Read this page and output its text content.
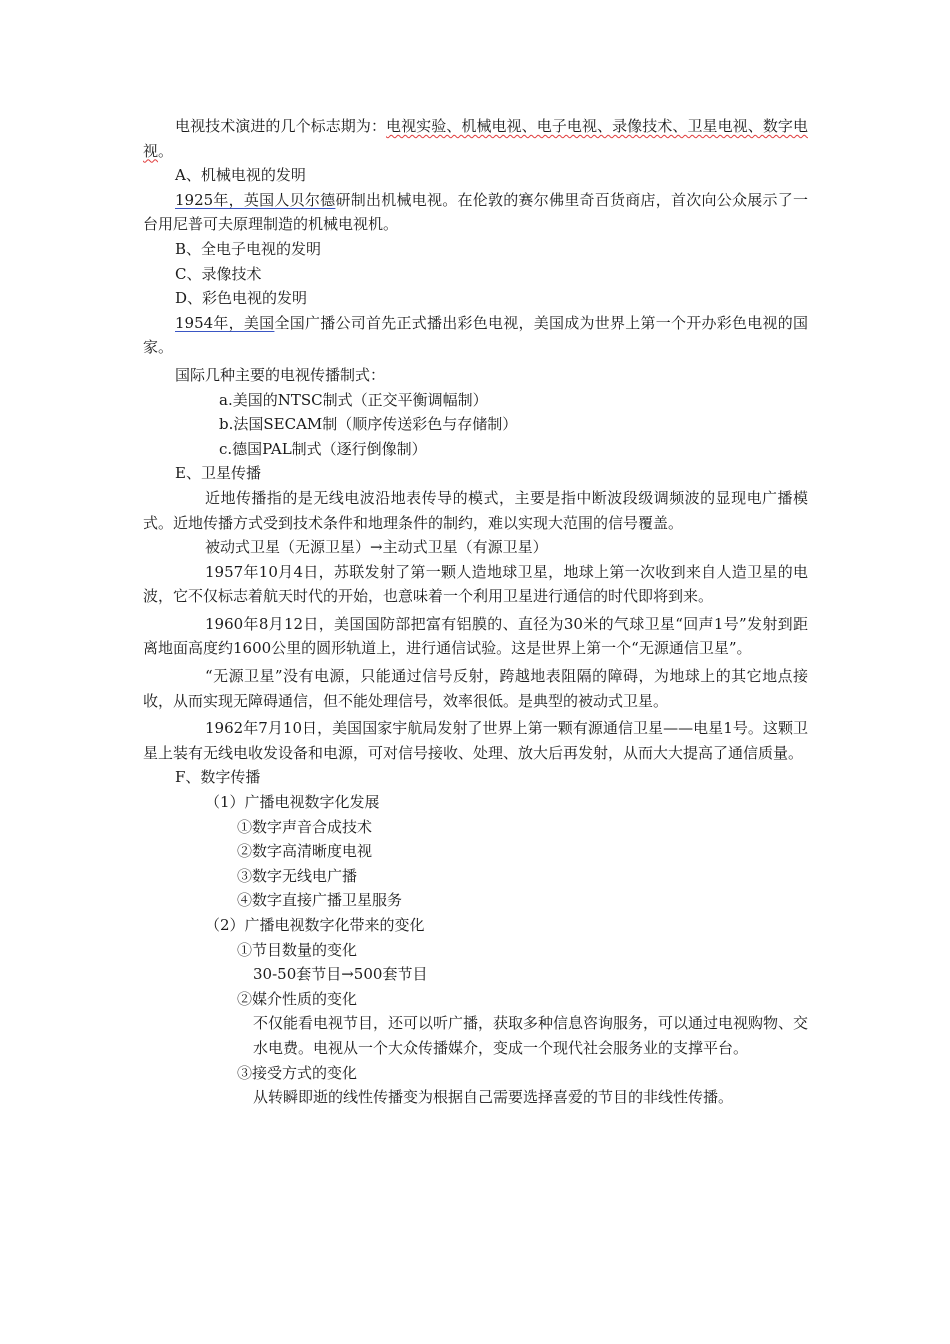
电视技术演进的几个标志期为：电视实验、机械电视、电子电视、录像技术、卫星电视、数字电视。

A、机械电视的发明

1925年，英国人贝尔德研制出机械电视。在伦敦的赛尔佛里奇百货商店，首次向公众展示了一台用尼普可夫原理制造的机械电视机。

B、全电子电视的发明

C、录像技术

D、彩色电视的发明

1954年，美国全国广播公司首先正式播出彩色电视，美国成为世界上第一个开办彩色电视的国家。

国际几种主要的电视传播制式：

a.美国的NTSC制式（正交平衡调幅制）

b.法国SECAM制（顺序传送彩色与存储制）

c.德国PAL制式（逐行倒像制）

E、卫星传播

近地传播指的是无线电波沿地表传导的模式，主要是指中断波段级调频波的显现电广播模式。近地传播方式受到技术条件和地理条件的制约，难以实现大范围的信号覆盖。

被动式卫星（无源卫星）→主动式卫星（有源卫星）

1957年10月4日，苏联发射了第一颗人造地球卫星，地球上第一次收到来自人造卫星的电波，它不仅标志着航天时代的开始，也意味着一个利用卫星进行通信的时代即将到来。

1960年8月12日，美国国防部把富有铝膜的、直径为30米的气球卫星“回声1号”发射到距离地面高度约1600公里的圆形轨道上，进行通信试验。这是世界上第一个“无源通信卫星”。

“无源卫星”没有电源，只能通过信号反射，跨越地表阻隔的障碍，为地球上的其它地点接收，从而实现无障碍通信，但不能处理信号，效率很低。是典型的被动式卫星。

1962年7月10日，美国国家宇航局发射了世界上第一颗有源通信卫星——电星1号。这颗卫星上装有无线电收发设备和电源，可对信号接收、处理、放大后再发射，从而大大提高了通信质量。

F、数字传播

（1）广播电视数字化发展

①数字声音合成技术

②数字高清晰度电视

③数字无线电广播

④数字直接广播卫星服务

（2）广播电视数字化带来的变化

①节目数量的变化

30-50套节目→500套节目

②媒介性质的变化

不仅能看电视节目，还可以听广播，获取多种信息咨询服务，可以通过电视购物、交水电费。电视从一个大众传播媒介，变成一个现代社会服务业的支撑平台。

③接受方式的变化

从转瞬即逝的线性传播变为根据自己需要选择喜爱的节目的非线性传播。
